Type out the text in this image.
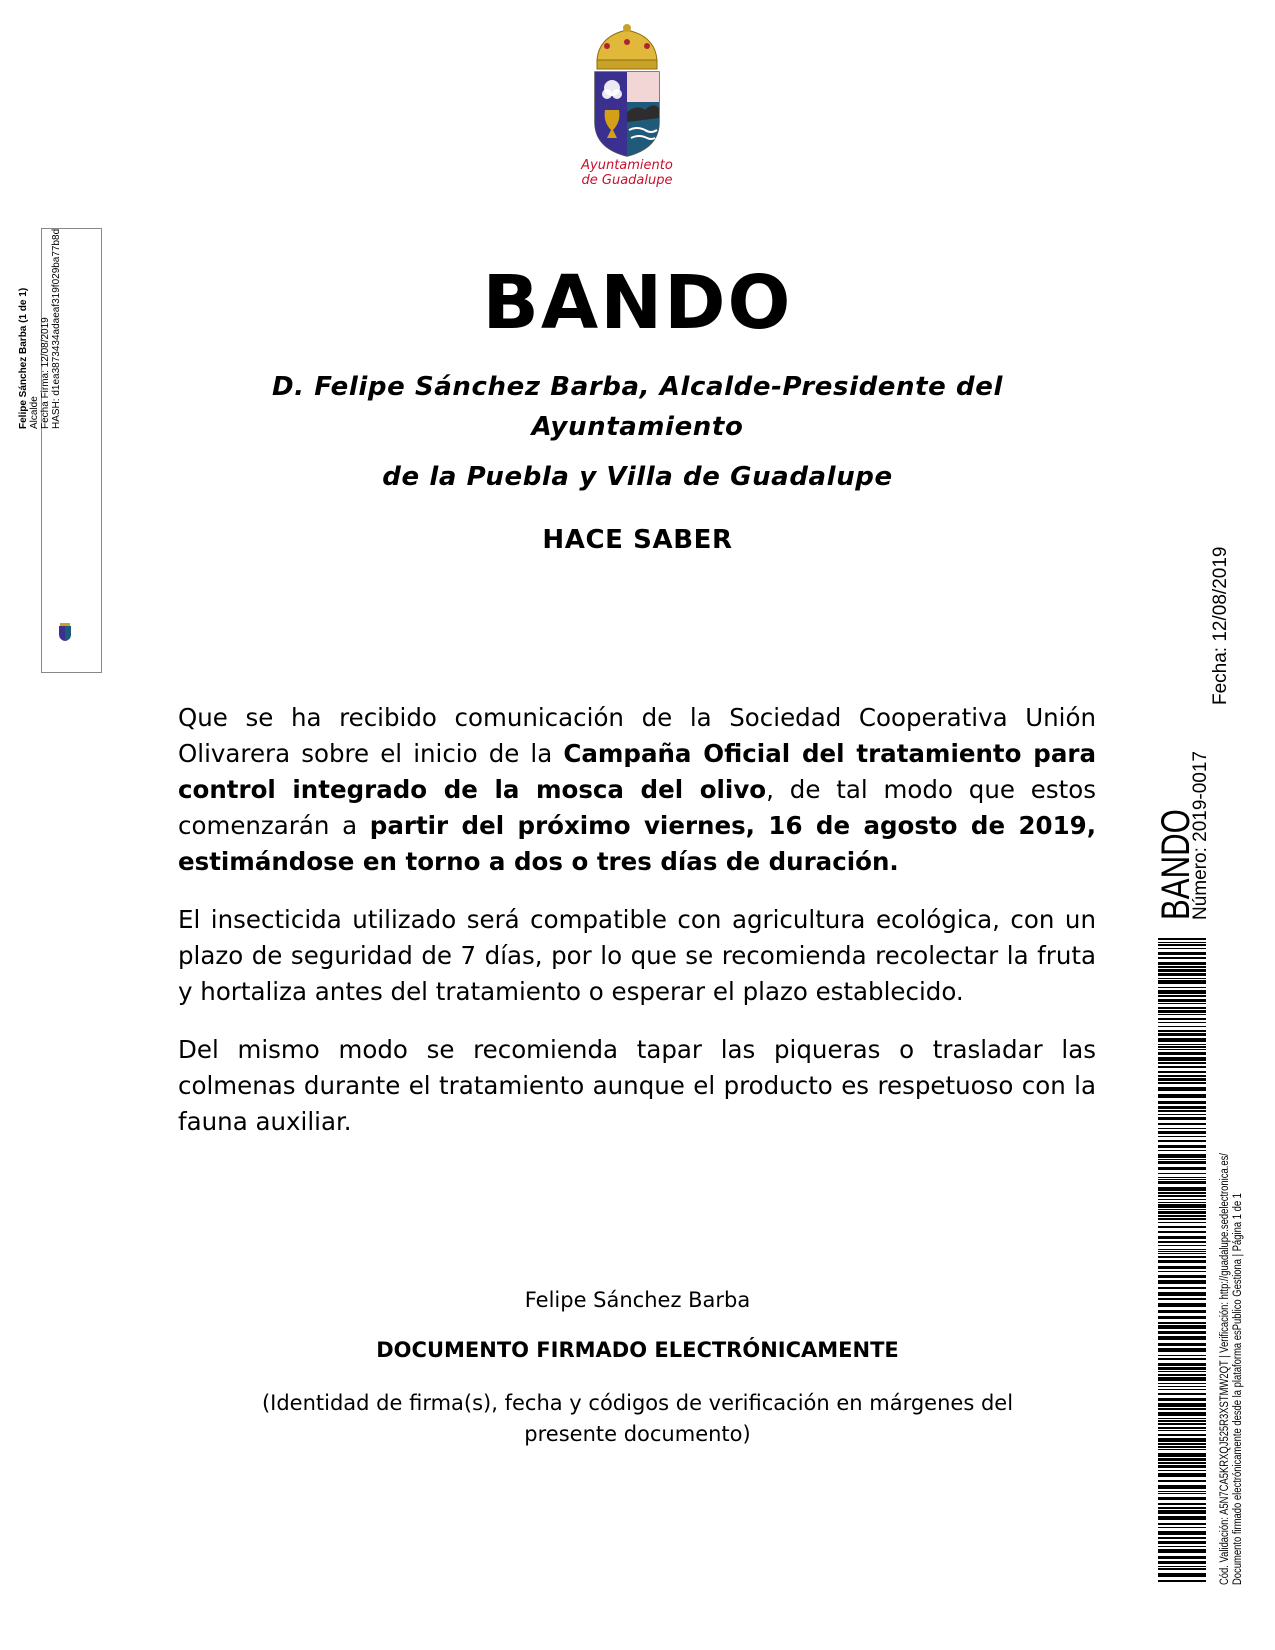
Ayuntamiento
de Guadalupe
Felipe Sánchez Barba (1 de 1) Alcalde Fecha Firma: 12/08/2019 HASH: d1ea3873434adaeaf319f029ba77b8d	BANDO
D. Felipe Sánchez Barba, Alcalde-Presidente del Ayuntamiento
de la Puebla y Villa de Guadalupe
HACE SABER

Que se ha recibido comunicación de la Sociedad Cooperativa Unión Olivarera sobre el inicio de la Campaña Oficial del tratamiento para control integrado de la mosca del olivo, de tal modo que estos comenzarán a partir del próximo viernes, 16 de agosto de 2019, estimándose en torno a dos o tres días de duración.

El insecticida utilizado será compatible con agricultura ecológica, con un plazo de seguridad de 7 días, por lo que se recomienda recolectar la fruta y hortaliza antes del tratamiento o esperar el plazo establecido.

Del mismo modo se recomienda tapar las piqueras o trasladar las colmenas durante el tratamiento aunque el producto es respetuoso con la fauna auxiliar.

Felipe Sánchez Barba
DOCUMENTO FIRMADO ELECTRÓNICAMENTE
(Identidad de firma(s), fecha y códigos de verificación en márgenes del presente documento)
BANDO
Número: 2019-0017
Fecha: 12/08/2019
Cód. Validación: A5N7CA5KRXQJ525R3XSTMW2QT | Verificación: http://guadalupe.sedelectronica.es/ Documento firmado electrónicamente desde la plataforma esPublico Gestiona | Página 1 de 1
